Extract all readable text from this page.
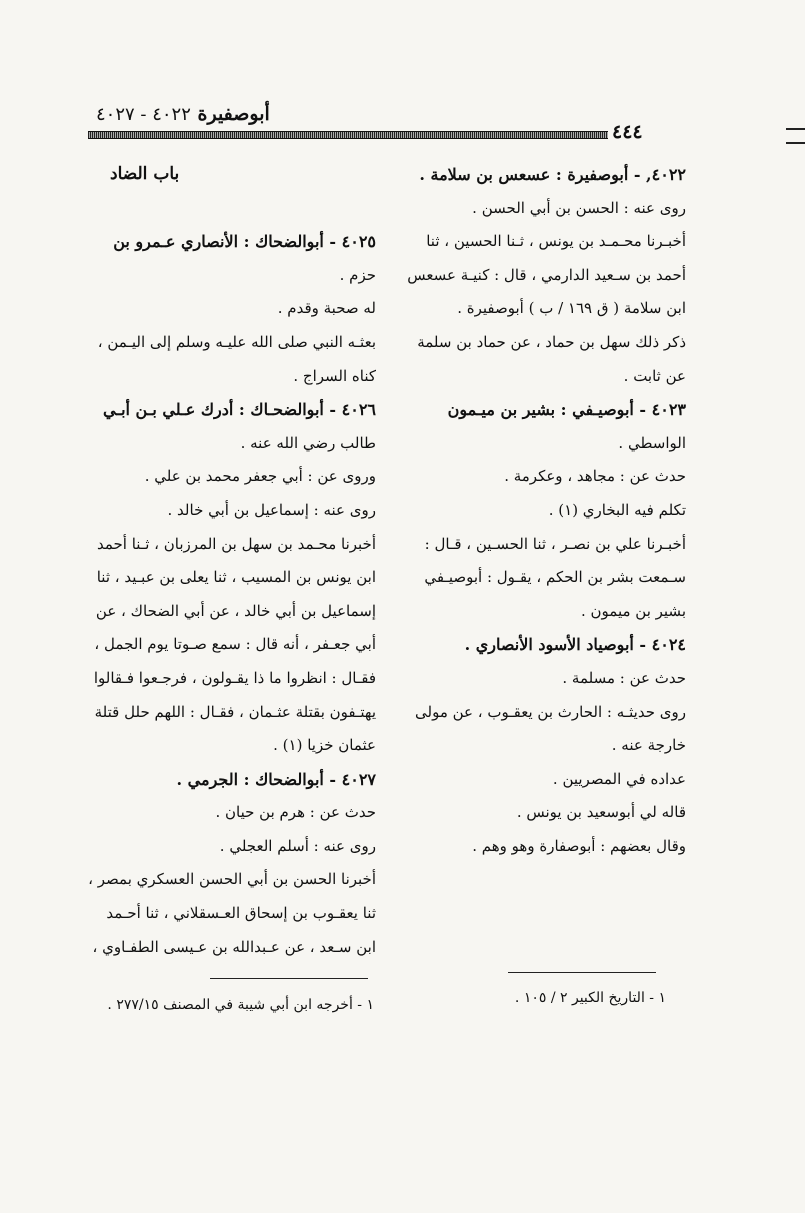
أبوصفيرة ٤٠٢٢ - ٤٠٢٧
٤٤٤
٤٠٢٢, - أبوصفيرة : عسعس بن سلامة .
روى عنه : الحسن بن أبي الحسن .
أخبـرنا محـمـد بن يونس ، ثـنا الحسين ، ثنا
أحمد بن سـعيد الدارمي ، قال : كنيـة عسعس
ابن سلامة ( ق ١٦٩ / ب ) أبوصفيرة .
ذكر ذلك سهل بن حماد ، عن حماد بن سلمة
عن ثابت .
٤٠٢٣ - أبوصيـفي : بشير بن ميـمون
الواسطي .
حدث عن : مجاهد ، وعكرمة .
تكلم فيه البخاري (١) .
أخبـرنا علي بن نصـر ، ثنا الحسـين ، قـال :
سـمعت بشر بن الحكم ، يقـول : أبوصيـفي
بشير بن ميمون .
٤٠٢٤ - أبوصياد الأسود الأنصاري .
حدث عن : مسلمة .
روى حديثـه : الحارث بن يعقـوب ، عن مولى
خارجة عنه .
عداده في المصريين .
قاله لي أبوسعيد بن يونس .
وقال بعضهم : أبوصفارة وهو وهم .
باب الضاد
٤٠٢٥ - أبوالضحاك : الأنصاري عـمرو بن
حزم .
له صحبة وقدم .
بعثـه النبي صلى الله عليـه وسلم إلى اليـمن ،
كناه السراج .
٤٠٢٦ - أبوالضحـاك : أدرك عـلي بـن أبـي
طالب رضي الله عنه .
وروى عن : أبي جعفر محمد بن علي .
روى عنه : إسماعيل بن أبي خالد .
أخبرنا محـمد بن سهل بن المرزبان ، ثـنا أحمد
ابن يونس بن المسيب ، ثنا يعلى بن عبـيد ، ثنا
إسماعيل بن أبي خالد ، عن أبي الضحاك ، عن
أبي جعـفر ، أنه قال : سمع صـوتا يوم الجمل ،
فقـال : انظروا ما ذا يقـولون ، فرجـعوا فـقالوا
يهتـفون بقتلة عثـمان ، فقـال : اللهم حلل قتلة
عثمان خزيا (١) .
٤٠٢٧ - أبوالضحاك : الجرمي .
حدث عن : هرم بن حيان .
روى عنه : أسلم العجلي .
أخبرنا الحسن بن أبي الحسن العسكري بمصر ،
ثنا يعقـوب بن إسحاق العـسقلاني ، ثنا أحـمد
ابن سـعد ، عن عـبدالله بن عـيسى الطفـاوي ،
١ - التاريخ الكبير ٢ / ١٠٥ .
١ - أخرجه ابن أبي شيبة في المصنف ٢٧٧/١٥ .
